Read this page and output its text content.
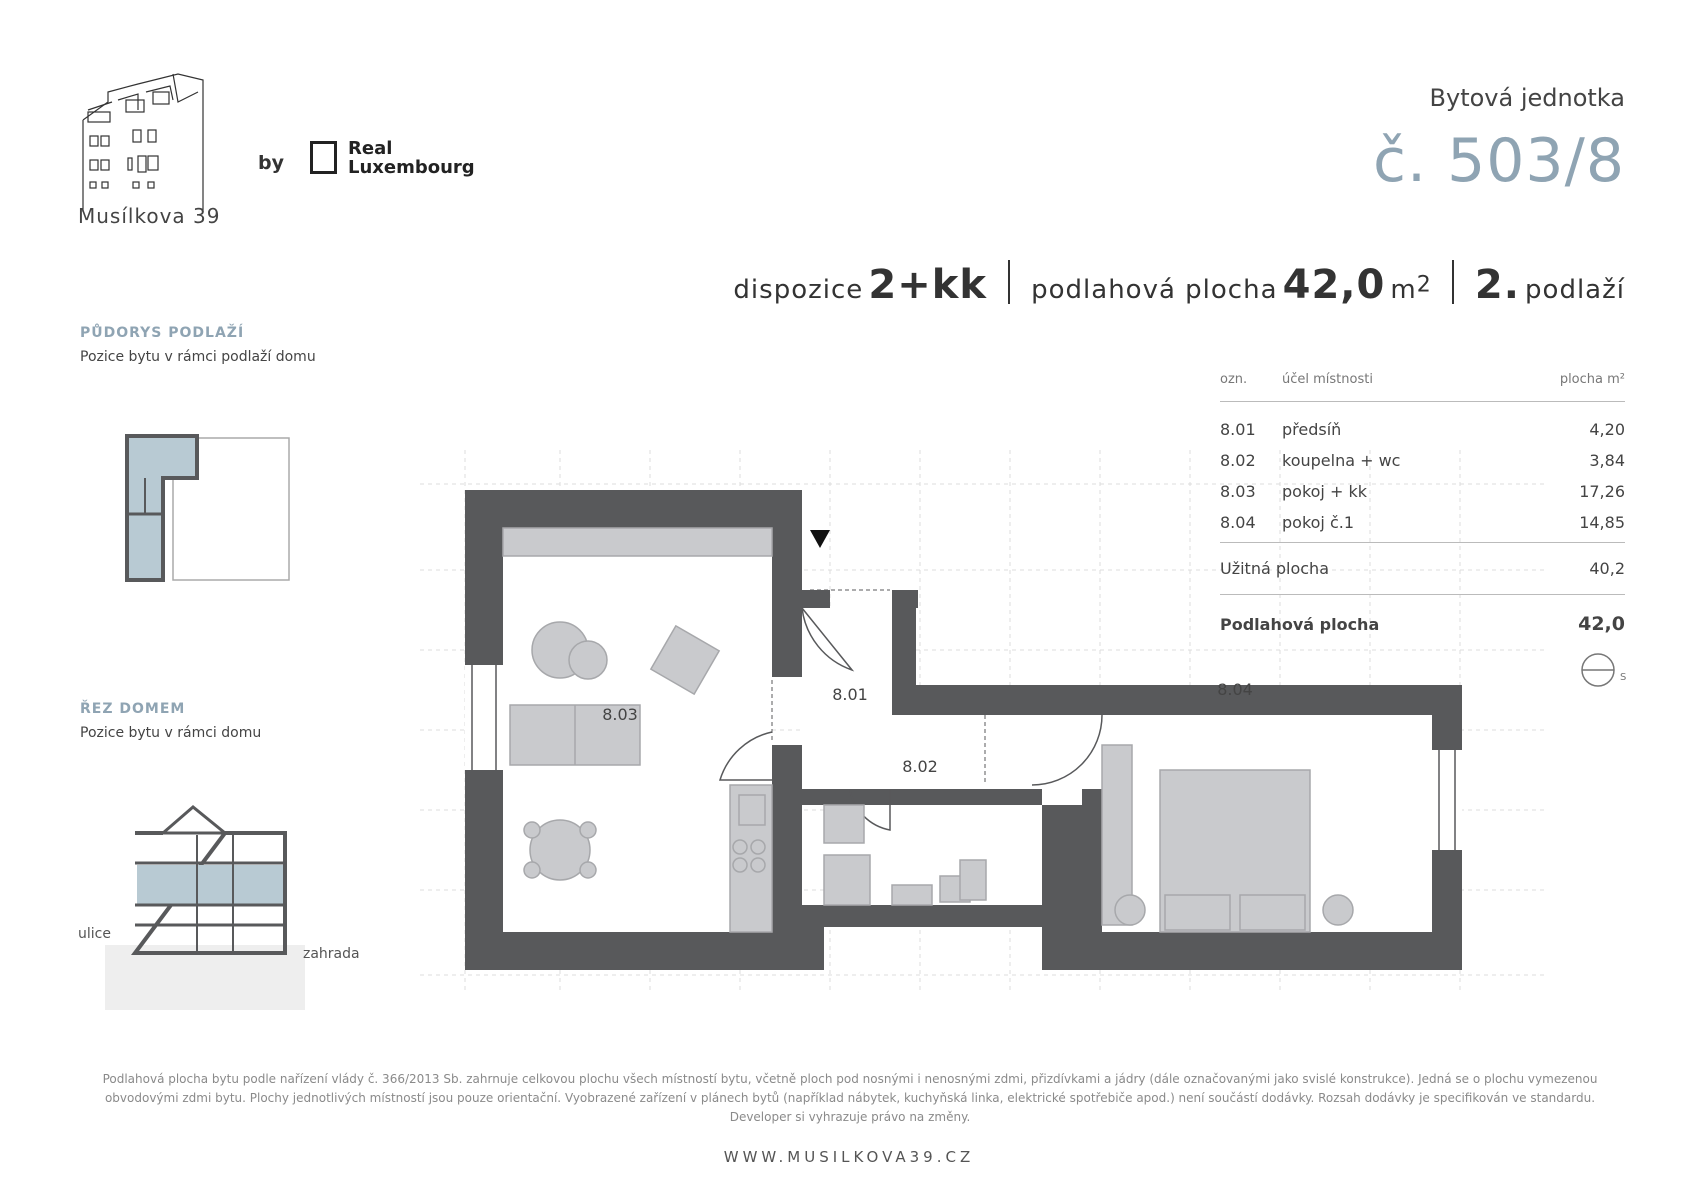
Musílkova 39
by
Real
Luxembourg
Bytová jednotka
č. 503/8
dispozice 2+kk podlahová plocha 42,0 $m^2$ 2. podlaží
PŮDORYS PODLAŽÍ
Pozice bytu v rámci podlaží domu
ŘEZ DOMEM
Pozice bytu v rámci domu
ulice
zahrada
8.04
8.01
8.03
8.02
ozn.	účel místnosti	plocha m²
8.01	předsíň	4,20
8.02	koupelna + wc	3,84
8.03	pokoj + kk	17,26
8.04	pokoj č.1	14,85
Užitná plocha		40,2
Podlahová plocha		42,0
S
Podlahová plocha bytu podle nařízení vlády č. 366/2013 Sb. zahrnuje celkovou plochu všech místností bytu, včetně ploch pod nosnými i nenosnými zdmi, přizdívkami a jádry (dále označovanými jako svislé konstrukce). Jedná se o plochu vymezenou obvodovými zdmi bytu. Plochy jednotlivých místností jsou pouze orientační. Vyobrazené zařízení v plánech bytů (například nábytek, kuchyňská linka, elektrické spotřebiče apod.) není součástí dodávky. Rozsah dodávky je specifikován ve standardu. Developer si vyhrazuje právo na změny.
WWW.MUSILKOVA39.CZ
